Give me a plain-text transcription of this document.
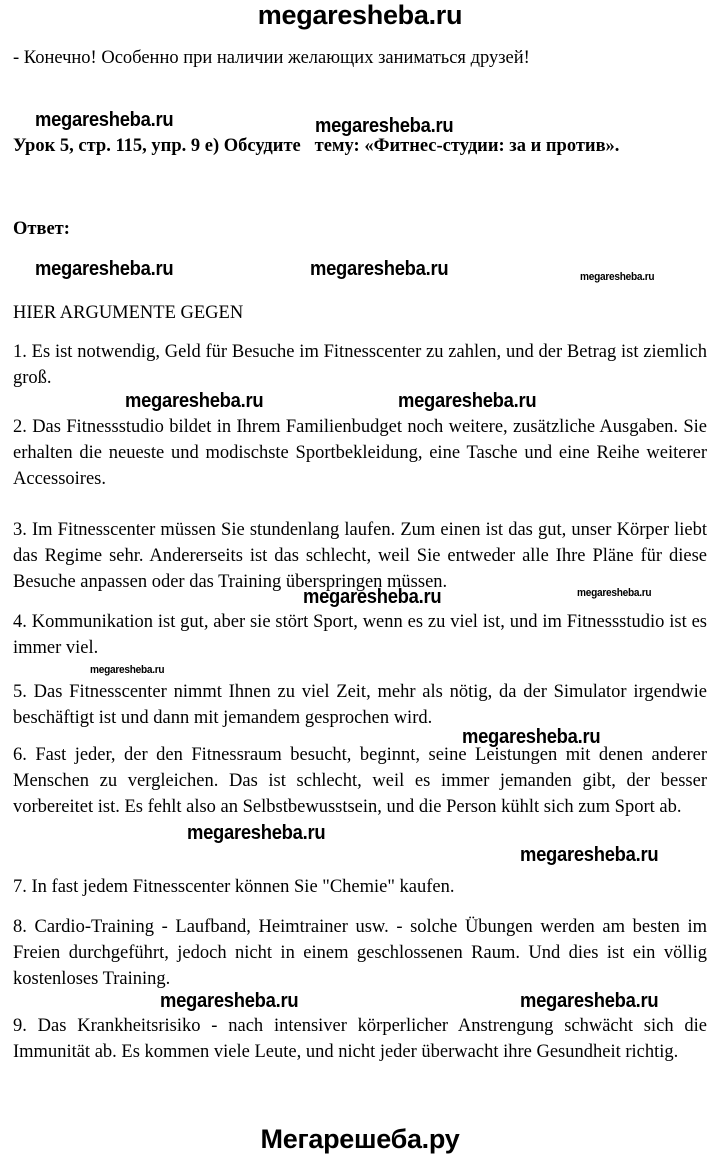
megaresheba.ru
- Конечно! Особенно при наличии желающих заниматься друзей!
megaresheba.ru	megaresheba.ru
Урок 5, стр. 115, упр. 9 е) Обсудите   тему: «Фитнес-студии: за и против».
Ответ:
megaresheba.ru	megaresheba.ru	megaresheba.ru
HIER ARGUMENTE GEGEN
1. Es ist notwendig, Geld für Besuche im Fitnesscenter zu zahlen, und der Betrag ist ziemlich groß.
megaresheba.ru	megaresheba.ru
2. Das Fitnessstudio bildet in Ihrem Familienbudget noch weitere, zusätzliche Ausgaben. Sie erhalten die neueste und modischste Sportbekleidung, eine Tasche und eine Reihe weiterer Accessoires.
3. Im Fitnesscenter müssen Sie stundenlang laufen. Zum einen ist das gut, unser Körper liebt das Regime sehr. Andererseits ist das schlecht, weil Sie entweder alle Ihre Pläne für diese Besuche anpassen oder das Training überspringen müssen.
megaresheba.ru	megaresheba.ru
4. Kommunikation ist gut, aber sie stört Sport, wenn es zu viel ist, und im Fitnessstudio ist es immer viel.
megaresheba.ru
5. Das Fitnesscenter nimmt Ihnen zu viel Zeit, mehr als nötig, da der Simulator irgendwie beschäftigt ist und dann mit jemandem gesprochen wird.
megaresheba.ru
6. Fast jeder, der den Fitnessraum besucht, beginnt, seine Leistungen mit denen anderer Menschen zu vergleichen. Das ist schlecht, weil es immer jemanden gibt, der besser vorbereitet ist. Es fehlt also an Selbstbewusstsein, und die Person kühlt sich zum Sport ab.
megaresheba.ru
megaresheba.ru
7. In fast jedem Fitnesscenter können Sie "Chemie" kaufen.
8. Cardio-Training - Laufband, Heimtrainer usw. - solche Übungen werden am besten im Freien durchgeführt, jedoch nicht in einem geschlossenen Raum. Und dies ist ein völlig kostenloses Training.
megaresheba.ru	megaresheba.ru
9. Das Krankheitsrisiko - nach intensiver körperlicher Anstrengung schwächt sich die Immunität ab. Es kommen viele Leute, und nicht jeder überwacht ihre Gesundheit richtig.
Мегарешеба.ру
